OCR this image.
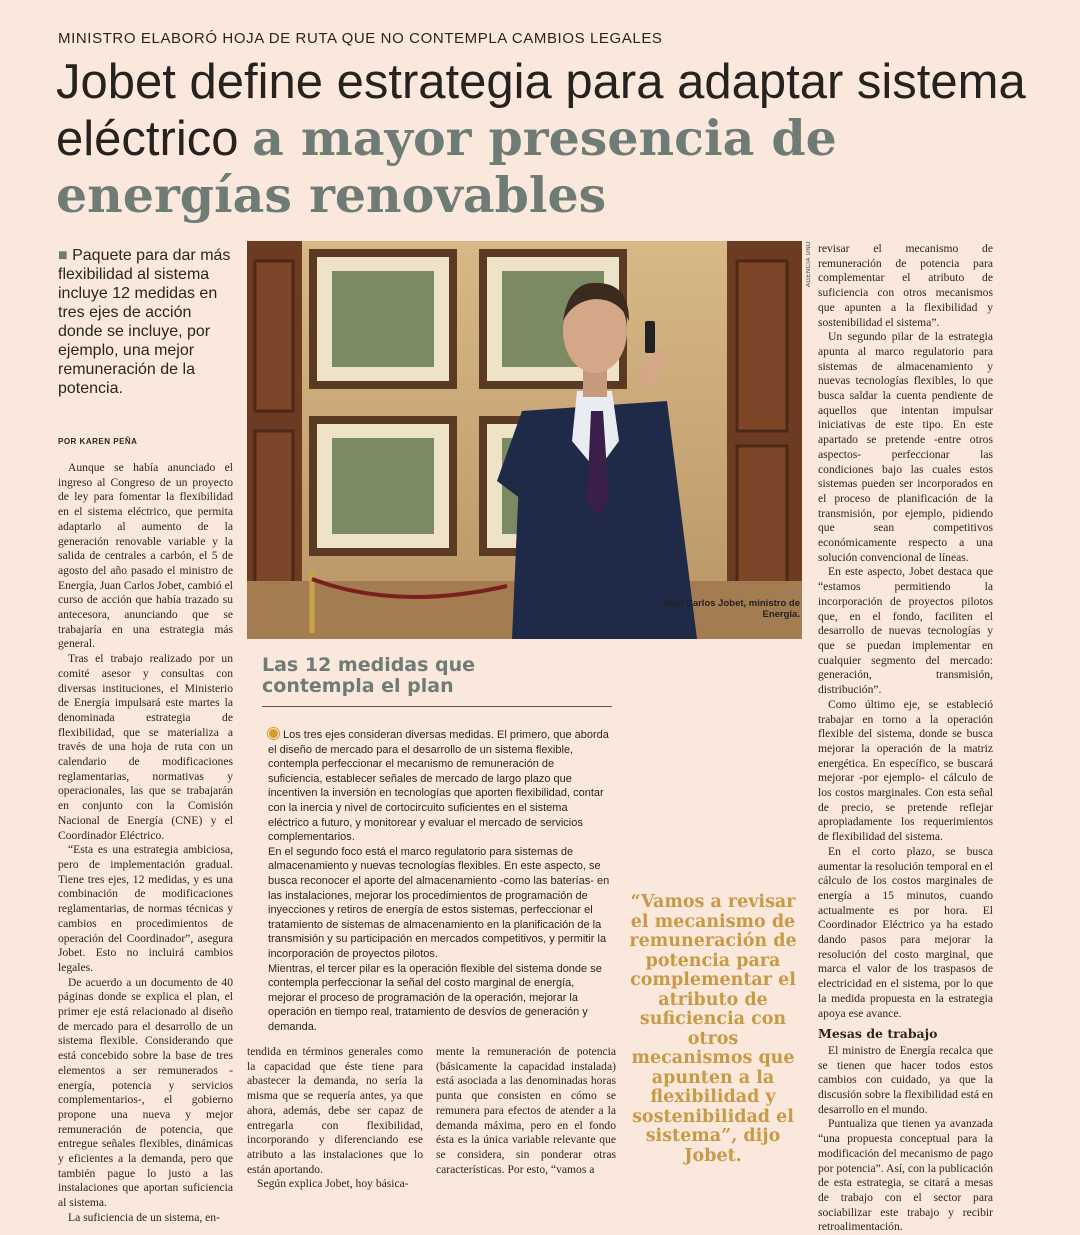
MINISTRO ELABORÓ HOJA DE RUTA QUE NO CONTEMPLA CAMBIOS LEGALES
Jobet define estrategia para adaptar sistema eléctrico a mayor presencia de energías renovables
■ Paquete para dar más flexibilidad al sistema incluye 12 medidas en tres ejes de acción donde se incluye, por ejemplo, una mejor remuneración de la potencia.
POR KAREN PEÑA

Aunque se había anunciado el ingreso al Congreso de un proyecto de ley para fomentar la flexibilidad en el sistema eléctrico, que permita adaptarlo al aumento de la generación renovable variable y la salida de centrales a carbón, el 5 de agosto del año pasado el ministro de Energía, Juan Carlos Jobet, cambió el curso de acción que había trazado su antecesora, anunciando que se trabajaría en una estrategia más general.

Tras el trabajo realizado por un comité asesor y consultas con diversas instituciones, el Ministerio de Energía impulsará este martes la denominada estrategia de flexibilidad, que se materializa a través de una hoja de ruta con un calendario de modificaciones reglamentarias, normativas y operacionales, las que se trabajarán en conjunto con la Comisión Nacional de Energía (CNE) y el Coordinador Eléctrico.

“Esta es una estrategia ambiciosa, pero de implementación gradual. Tiene tres ejes, 12 medidas, y es una combinación de modificaciones reglamentarias, de normas técnicas y cambios en procedimientos de operación del Coordinador”, asegura Jobet. Esto no incluirá cambios legales.

De acuerdo a un documento de 40 páginas donde se explica el plan, el primer eje está relacionado al diseño de mercado para el desarrollo de un sistema flexible. Considerando que está concebido sobre la base de tres elementos a ser remunerados -energía, potencia y servicios complementarios-, el gobierno propone una nueva y mejor remuneración de potencia, que entregue señales flexibles, dinámicas y eficientes a la demanda, pero que también pague lo justo a las instalaciones que aportan suficiencia al sistema.

La suficiencia de un sistema, en-

AGENCIA UNO
Juan Carlos Jobet, ministro de Energía.
Las 12 medidas que contempla el plan

Los tres ejes consideran diversas medidas. El primero, que aborda el diseño de mercado para el desarrollo de un sistema flexible, contempla perfeccionar el mecanismo de remuneración de suficiencia, establecer señales de mercado de largo plazo que incentiven la inversión en tecnologías que aporten flexibilidad, contar con la inercia y nivel de cortocircuito suficientes en el sistema eléctrico a futuro, y monitorear y evaluar el mercado de servicios complementarios.

En el segundo foco está el marco regulatorio para sistemas de almacenamiento y nuevas tecnologías flexibles. En este aspecto, se busca reconocer el aporte del almacenamiento -como las baterías- en las instalaciones, mejorar los procedimientos de programación de inyecciones y retiros de energía de estos sistemas, perfeccionar el tratamiento de sistemas de almacenamiento en la planificación de la transmisión y su participación en mercados competitivos, y permitir la incorporación de proyectos pilotos.

Mientras, el tercer pilar es la operación flexible del sistema donde se contempla perfeccionar la señal del costo marginal de energía, mejorar el proceso de programación de la operación, mejorar la operación en tiempo real, tratamiento de desvíos de generación y demanda.

tendida en términos generales como la capacidad que éste tiene para abastecer la demanda, no sería la misma que se requería antes, ya que ahora, además, debe ser capaz de entregarla con flexibilidad, incorporando y diferenciando ese atributo a las instalaciones que lo están aportando.

Según explica Jobet, hoy básica-

mente la remuneración de potencia (básicamente la capacidad instalada) está asociada a las denominadas horas punta que consisten en cómo se remunera para efectos de atender a la demanda máxima, pero en el fondo ésta es la única variable relevante que se considera, sin ponderar otras características. Por esto, “vamos a

“Vamos a revisar el mecanismo de remuneración de potencia para complementar el atributo de suficiencia con otros mecanismos que apunten a la flexibilidad y sostenibilidad el sistema”, dijo Jobet.

revisar el mecanismo de remuneración de potencia para complementar el atributo de suficiencia con otros mecanismos que apunten a la flexibilidad y sostenibilidad el sistema”.

Un segundo pilar de la estrategia apunta al marco regulatorio para sistemas de almacenamiento y nuevas tecnologías flexibles, lo que busca saldar la cuenta pendiente de aquellos que intentan impulsar iniciativas de este tipo. En este apartado se pretende -entre otros aspectos- perfeccionar las condiciones bajo las cuales estos sistemas pueden ser incorporados en el proceso de planificación de la transmisión, por ejemplo, pidiendo que sean competitivos económicamente respecto a una solución convencional de líneas.

En este aspecto, Jobet destaca que “estamos permitiendo la incorporación de proyectos pilotos que, en el fondo, faciliten el desarrollo de nuevas tecnologías y que se puedan implementar en cualquier segmento del mercado: generación, transmisión, distribución”.

Como último eje, se estableció trabajar en torno a la operación flexible del sistema, donde se busca mejorar la operación de la matriz energética. En específico, se buscará mejorar -por ejemplo- el cálculo de los costos marginales. Con esta señal de precio, se pretende reflejar apropiadamente los requerimientos de flexibilidad del sistema.

En el corto plazo, se busca aumentar la resolución temporal en el cálculo de los costos marginales de energía a 15 minutos, cuando actualmente es por hora. El Coordinador Eléctrico ya ha estado dando pasos para mejorar la resolución del costo marginal, que marca el valor de los traspasos de electricidad en el sistema, por lo que la medida propuesta en la estrategia apoya ese avance.

Mesas de trabajo

El ministro de Energía recalca que se tienen que hacer todos estos cambios con cuidado, ya que la discusión sobre la flexibilidad está en desarrollo en el mundo.

Puntualiza que tienen ya avanzada “una propuesta conceptual para la modificación del mecanismo de pago por potencia”. Así, con la publicación de esta estrategia, se citará a mesas de trabajo con el sector para sociabilizar este trabajo y recibir retroalimentación.
